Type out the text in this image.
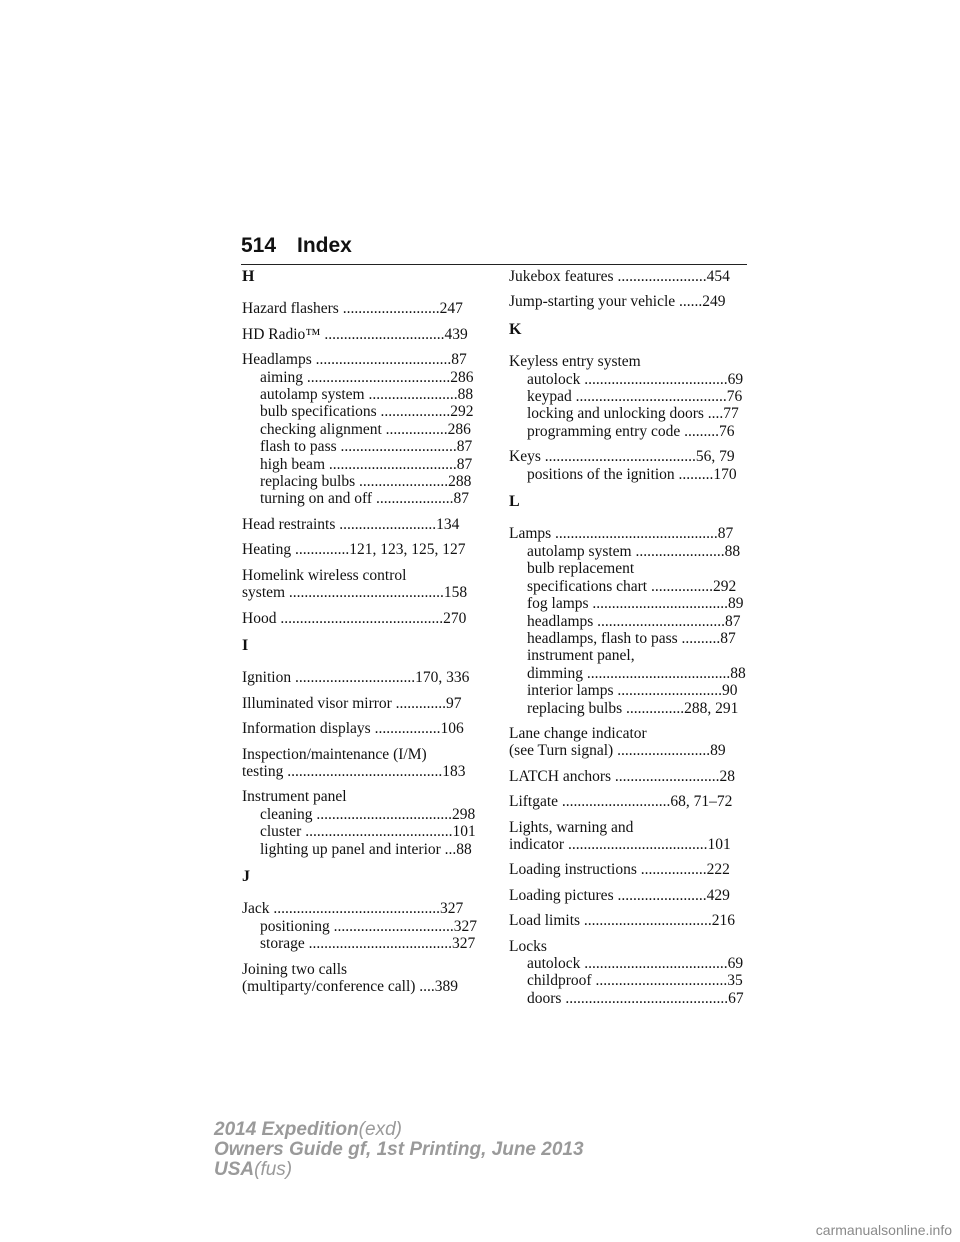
514 Index
H
Hazard flashers .........................247
HD Radio™ ...............................439
Headlamps ...................................87
aiming .....................................286
autolamp system .......................88
bulb specifications ..................292
checking alignment ................286
flash to pass ..............................87
high beam .................................87
replacing bulbs .......................288
turning on and off ....................87
Head restraints .........................134
Heating ..............121, 123, 125, 127
Homelink wireless control
system ........................................158
Hood ..........................................270
I
Ignition ...............................170, 336
Illuminated visor mirror .............97
Information displays .................106
Inspection/maintenance (I/M)
testing ........................................183
Instrument panel
cleaning ...................................298
cluster ......................................101
lighting up panel and interior ...88
J
Jack ...........................................327
positioning ...............................327
storage .....................................327
Joining two calls
(multiparty/conference call) ....389
Jukebox features .......................454
Jump-starting your vehicle ......249
K
Keyless entry system
autolock .....................................69
keypad .......................................76
locking and unlocking doors ....77
programming entry code .........76
Keys .......................................56, 79
positions of the ignition .........170
L
Lamps ..........................................87
autolamp system .......................88
bulb replacement
specifications chart ................292
fog lamps ...................................89
headlamps .................................87
headlamps, flash to pass ..........87
instrument panel,
dimming .....................................88
interior lamps ...........................90
replacing bulbs ...............288, 291
Lane change indicator
(see Turn signal) ........................89
LATCH anchors ...........................28
Liftgate ............................68, 71–72
Lights, warning and
indicator ....................................101
Loading instructions .................222
Loading pictures .......................429
Load limits .................................216
Locks
autolock .....................................69
childproof ..................................35
doors ..........................................67
2014 Expedition(exd)
Owners Guide gf, 1st Printing, June 2013
USA(fus)
carmanualsonline.info
